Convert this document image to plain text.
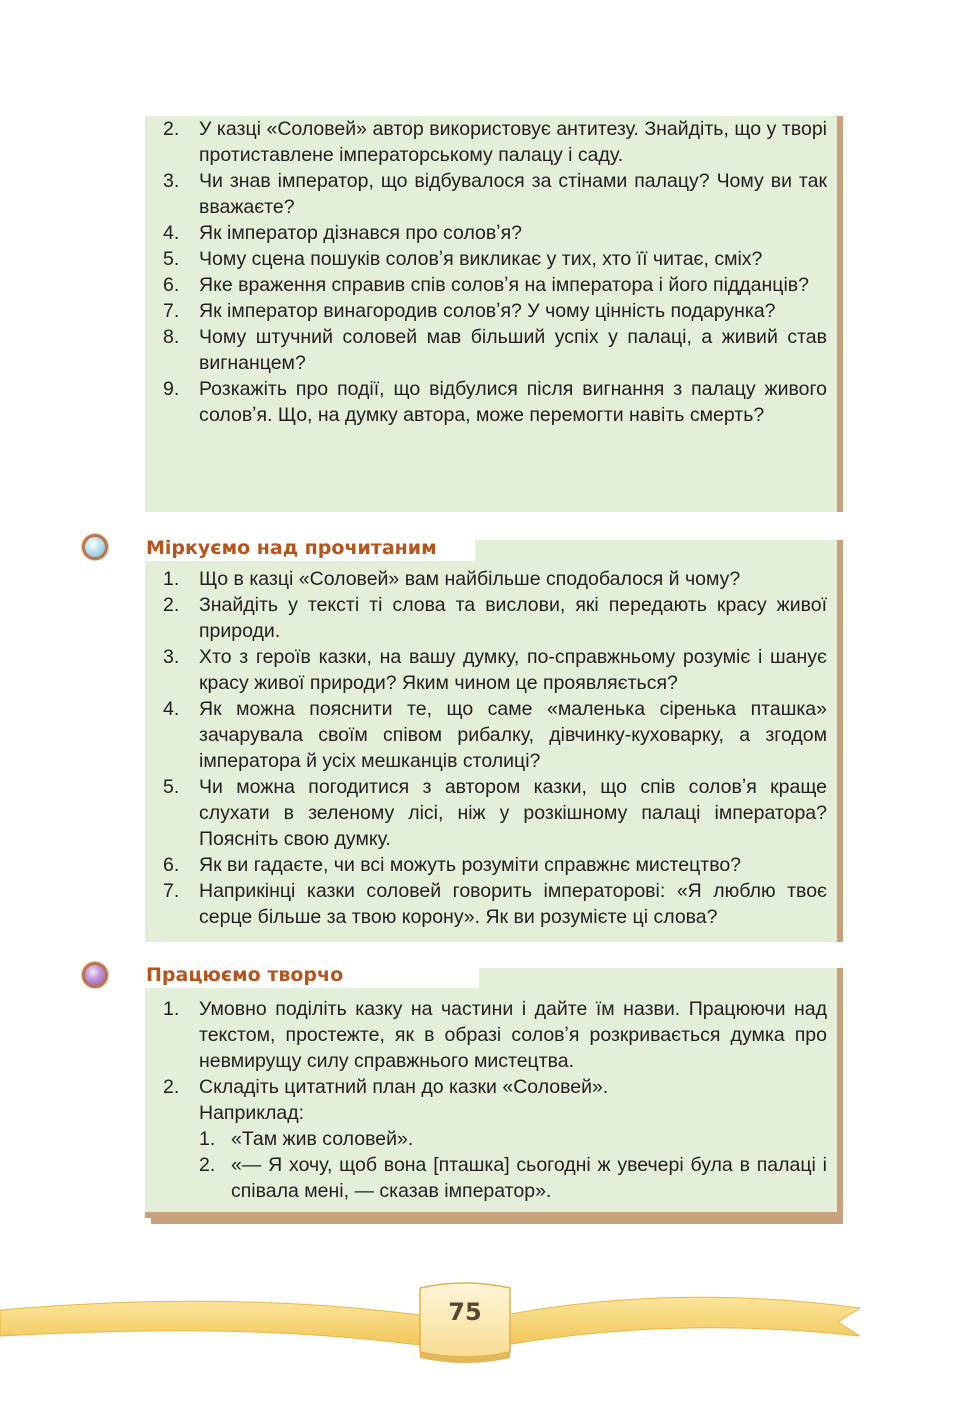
2.	У казці «Соловей» автор використовує антитезу. Знайдіть, що у творі протиставлене імператорському палацу і саду.
3.	Чи знав імператор, що відбувалося за стінами палацу? Чому ви так вважаєте?
4.	Як імператор дізнався про соловʼя?
5.	Чому сцена пошуків соловʼя викликає у тих, хто її читає, сміх?
6.	Яке враження справив спів соловʼя на імператора і його підданців?
7.	Як імператор винагородив соловʼя? У чому цінність подарунка?
8.	Чому штучний соловей мав більший успіх у палаці, а живий став вигнанцем?
9.	Розкажіть про події, що відбулися після вигнання з палацу живого соловʼя. Що, на думку автора, може перемогти навіть смерть?
1.	Що в казці «Соловей» вам найбільше сподобалося й чому?
2.	Знайдіть у тексті ті слова та вислови, які передають красу живої природи.
3.	Хто з героїв казки, на вашу думку, по-справжньому розуміє і шанує красу живої природи? Яким чином це проявляється?
4.	Як можна пояснити те, що саме «маленька сіренька пташка» зачарувала своїм співом рибалку, дівчинку-куховарку, а згодом імператора й усіх мешканців столиці?
5.	Чи можна погодитися з автором казки, що спів соловʼя краще слухати в зеленому лісі, ніж у розкішному палаці імператора? Поясніть свою думку.
6.	Як ви гадаєте, чи всі можуть розуміти справжнє мистецтво?
7.	Наприкінці казки соловей говорить імператорові: «Я люблю твоє серце більше за твою корону». Як ви розумієте ці слова?
Міркуємо над прочитаним
1.	Умовно поділіть казку на частини і дайте їм назви. Працюючи над текстом, простежте, як в образі соловʼя розкривається думка про невмирущу силу справжнього мистецтва.
2.	Складіть цитатний план до казки «Соловей».
Наприклад:
1. «Там жив соловей».
2. «— Я хочу, щоб вона [пташка] сьогодні ж увечері була в палаці і співала мені, — сказав імператор».
Працюємо творчо
75
